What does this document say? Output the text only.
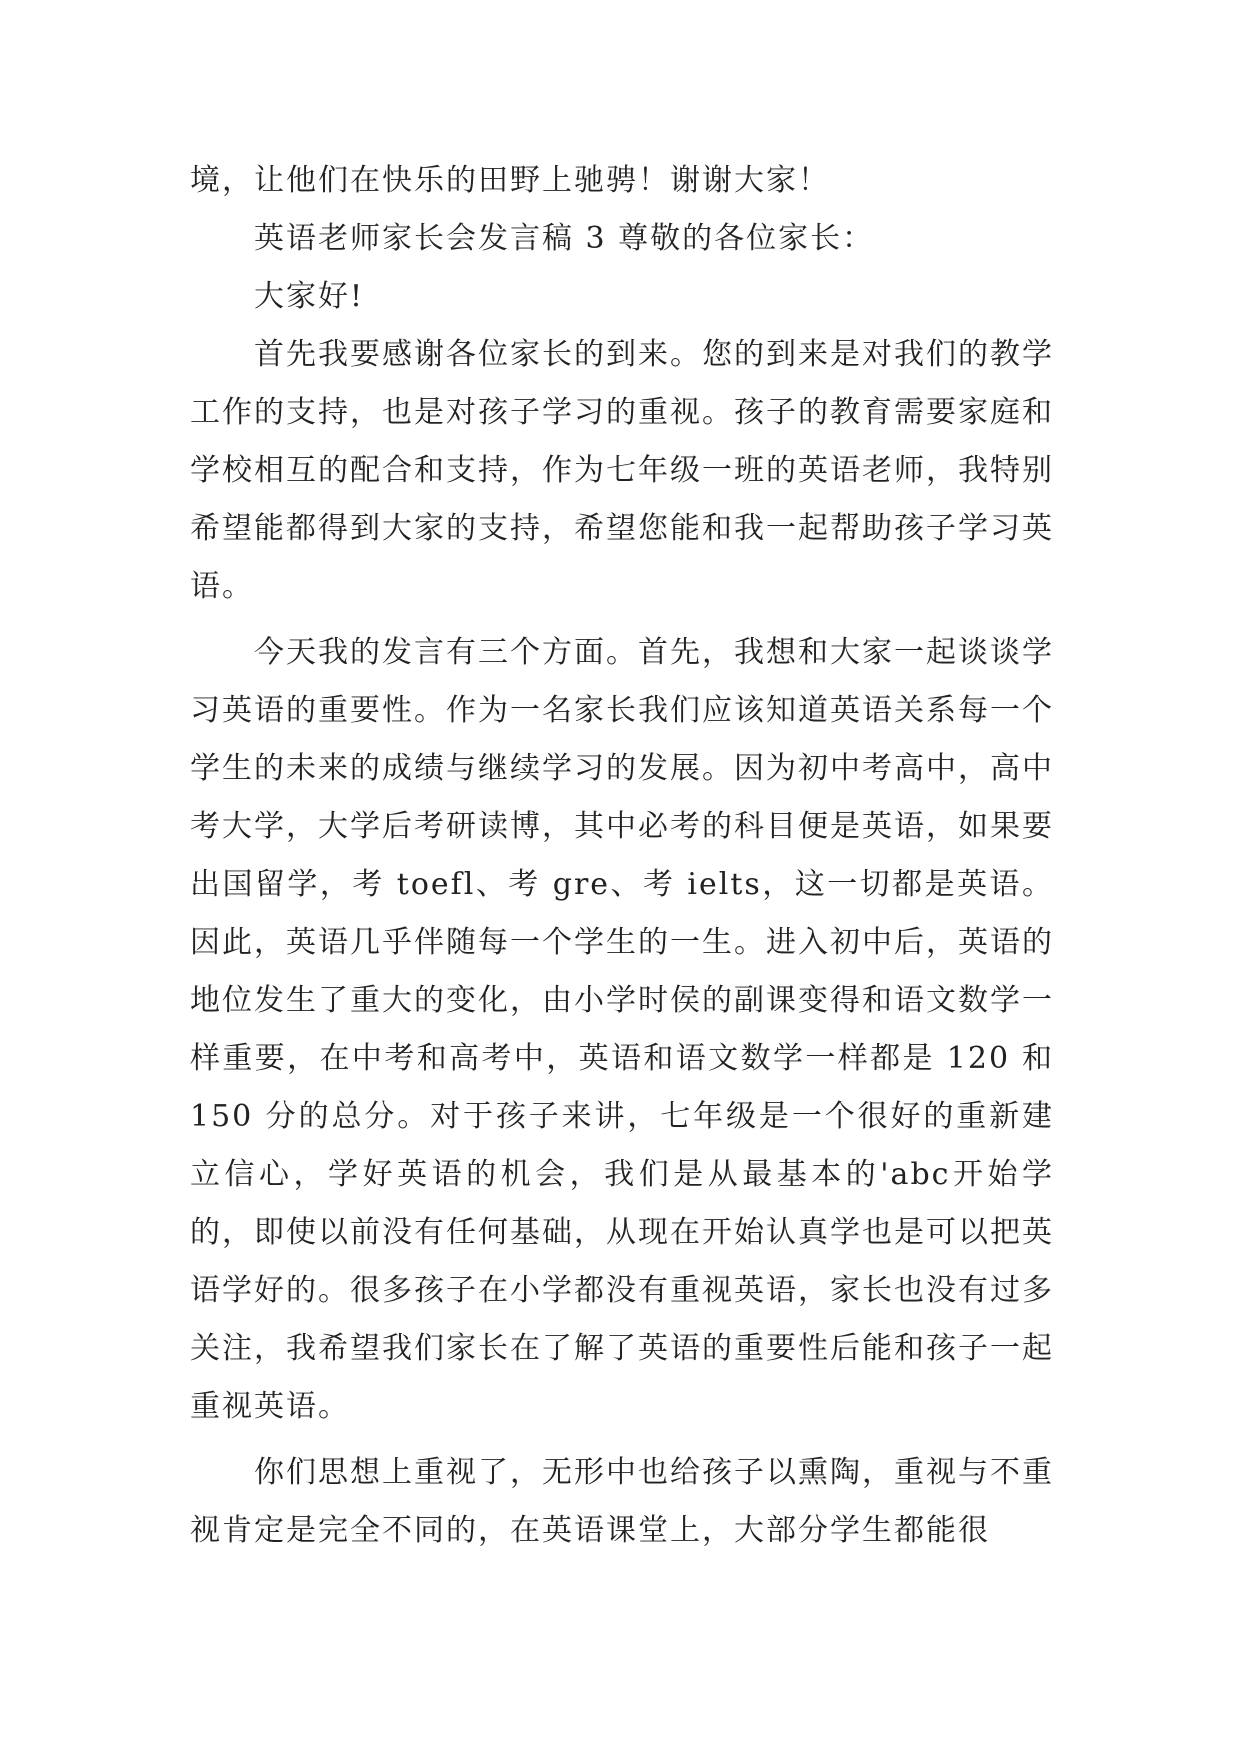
境，让他们在快乐的田野上驰骋！谢谢大家！

英语老师家长会发言稿 3 尊敬的各位家长：

大家好!

首先我要感谢各位家长的到来。您的到来是对我们的教学工作的支持，也是对孩子学习的重视。孩子的教育需要家庭和学校相互的配合和支持，作为七年级一班的英语老师，我特别希望能都得到大家的支持，希望您能和我一起帮助孩子学习英语。

今天我的发言有三个方面。首先，我想和大家一起谈谈学习英语的重要性。作为一名家长我们应该知道英语关系每一个学生的未来的成绩与继续学习的发展。因为初中考高中，高中考大学，大学后考研读博，其中必考的科目便是英语，如果要出国留学，考 toefl、考 gre、考 ielts，这一切都是英语。因此，英语几乎伴随每一个学生的一生。进入初中后，英语的地位发生了重大的变化，由小学时侯的副课变得和语文数学一样重要，在中考和高考中，英语和语文数学一样都是 120 和 150 分的总分。对于孩子来讲，七年级是一个很好的重新建立信心，学好英语的机会，我们是从最基本的'abc开始学的，即使以前没有任何基础，从现在开始认真学也是可以把英语学好的。很多孩子在小学都没有重视英语，家长也没有过多关注，我希望我们家长在了解了英语的重要性后能和孩子一起重视英语。

你们思想上重视了，无形中也给孩子以熏陶，重视与不重视肯定是完全不同的，在英语课堂上，大部分学生都能很
